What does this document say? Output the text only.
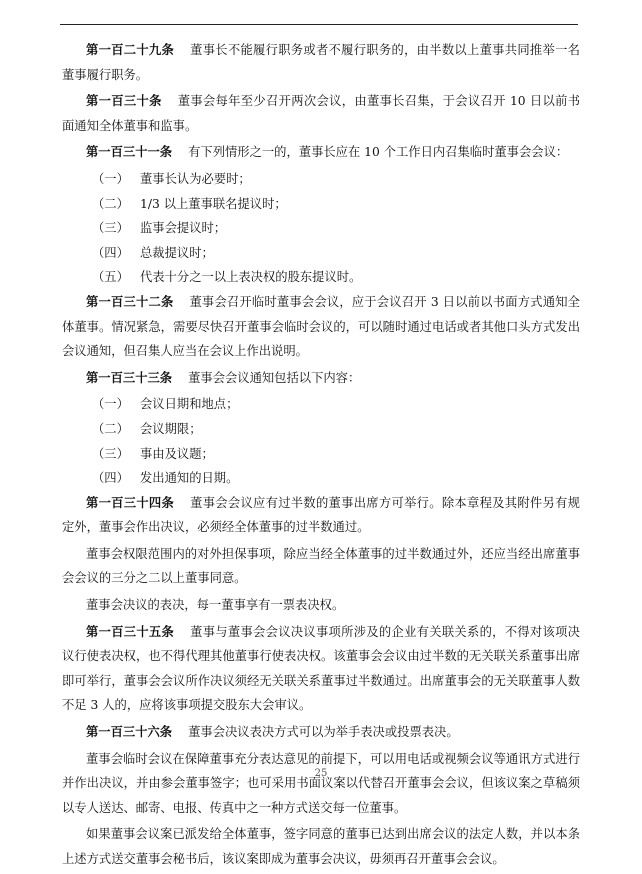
第一百二十九条 董事长不能履行职务或者不履行职务的，由半数以上董事共同推举一名董事履行职务。

第一百三十条 董事会每年至少召开两次会议，由董事长召集，于会议召开 10 日以前书面通知全体董事和监事。

第一百三十一条 有下列情形之一的，董事长应在 10 个工作日内召集临时董事会会议：

（一） 董事长认为必要时；
（二） 1/3 以上董事联名提议时；
（三） 监事会提议时；
（四） 总裁提议时；
（五） 代表十分之一以上表决权的股东提议时。

第一百三十二条 董事会召开临时董事会会议，应于会议召开 3 日以前以书面方式通知全体董事。情况紧急，需要尽快召开董事会临时会议的，可以随时通过电话或者其他口头方式发出会议通知，但召集人应当在会议上作出说明。

第一百三十三条 董事会会议通知包括以下内容：

（一） 会议日期和地点；
（二） 会议期限；
（三） 事由及议题；
（四） 发出通知的日期。

第一百三十四条 董事会会议应有过半数的董事出席方可举行。除本章程及其附件另有规定外，董事会作出决议，必须经全体董事的过半数通过。

董事会权限范围内的对外担保事项，除应当经全体董事的过半数通过外，还应当经出席董事会会议的三分之二以上董事同意。

董事会决议的表决，每一董事享有一票表决权。

第一百三十五条 董事与董事会会议决议事项所涉及的企业有关联关系的，不得对该项决议行使表决权，也不得代理其他董事行使表决权。该董事会会议由过半数的无关联关系董事出席即可举行，董事会会议所作决议须经无关联关系董事过半数通过。出席董事会的无关联董事人数不足 3 人的，应将该事项提交股东大会审议。

第一百三十六条 董事会决议表决方式可以为举手表决或投票表决。

董事会临时会议在保障董事充分表达意见的前提下，可以用电话或视频会议等通讯方式进行并作出决议，并由参会董事签字；也可采用书面议案以代替召开董事会会议，但该议案之草稿须以专人送达、邮寄、电报、传真中之一种方式送交每一位董事。

如果董事会议案已派发给全体董事，签字同意的董事已达到出席会议的法定人数，并以本条上述方式送交董事会秘书后，该议案即成为董事会决议，毋须再召开董事会会议。

25
